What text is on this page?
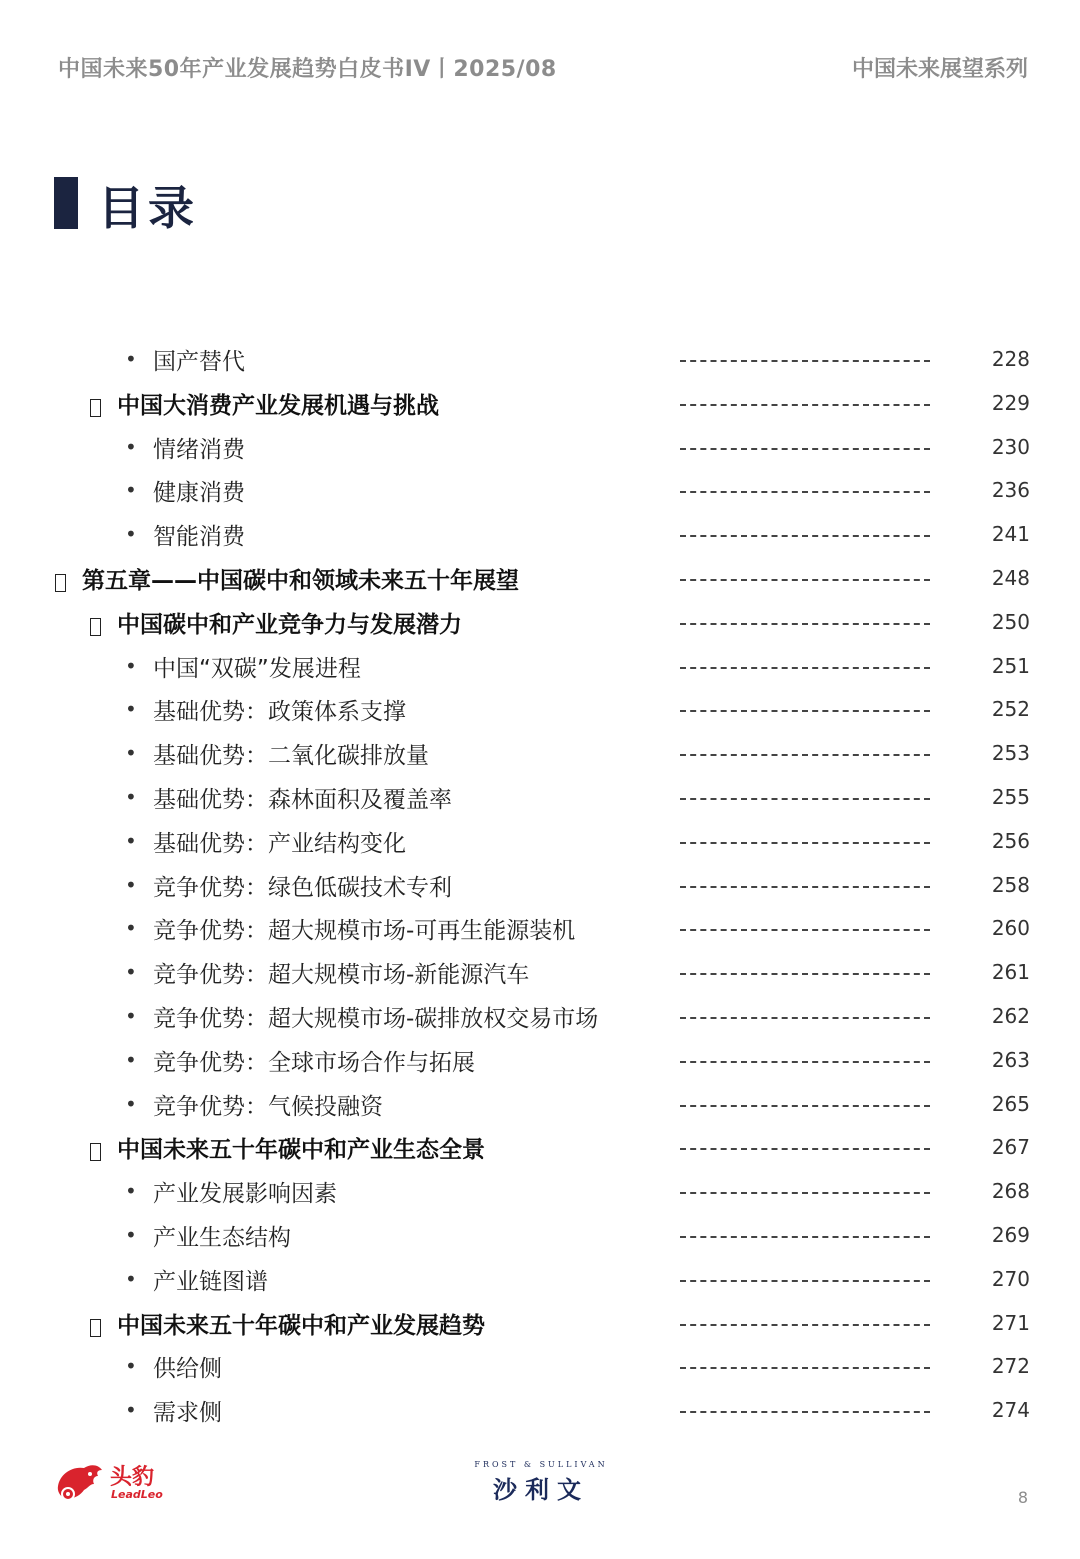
中国未来50年产业发展趋势白皮书IV丨2025/08	中国未来展望系列
目录
• 国产替代	228
中国大消费产业发展机遇与挑战	229
• 情绪消费	230
• 健康消费	236
• 智能消费	241
第五章——中国碳中和领域未来五十年展望	248
中国碳中和产业竞争力与发展潜力	250
• 中国“双碳”发展进程	251
• 基础优势：政策体系支撑	252
• 基础优势：二氧化碳排放量	253
• 基础优势：森林面积及覆盖率	255
• 基础优势：产业结构变化	256
• 竞争优势：绿色低碳技术专利	258
• 竞争优势：超大规模市场-可再生能源装机	260
• 竞争优势：超大规模市场-新能源汽车	261
• 竞争优势：超大规模市场-碳排放权交易市场	262
• 竞争优势：全球市场合作与拓展	263
• 竞争优势：气候投融资	265
中国未来五十年碳中和产业生态全景	267
• 产业发展影响因素	268
• 产业生态结构	269
• 产业链图谱	270
中国未来五十年碳中和产业发展趋势	271
• 供给侧	272
• 需求侧	274
头豹
LeadLeo
FROST & SULLIVAN
沙利文	8
